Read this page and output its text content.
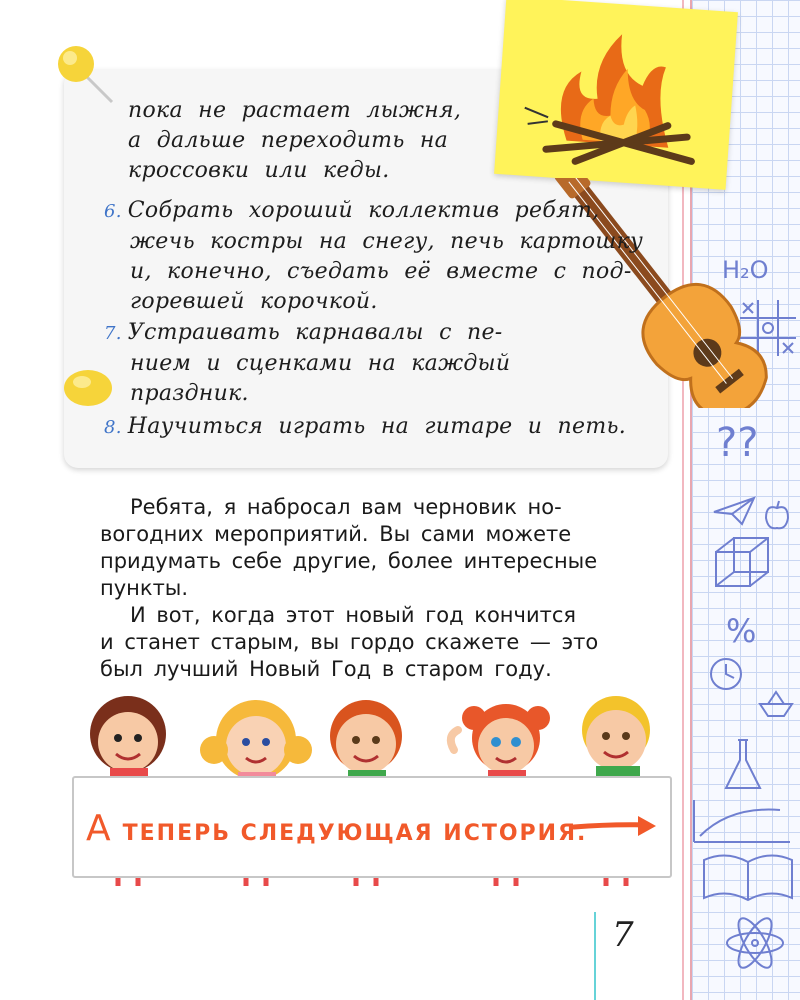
H₂O
??
%
пока не растает лыжня,
а дальше переходить на
кроссовки или кеды.
6. Собрать хороший коллектив ребят,
жечь костры на снегу, печь картошку
и, конечно, съедать её вместе с под-
горевшей корочкой.
7. Устраивать карнавалы с пе-
нием и сценками на каждый
праздник.
8. Научиться играть на гитаре и петь.
Ребята, я набросал вам черновик но-
вогодних мероприятий. Вы сами можете
придумать себе другие, более интересные
пункты.
И вот, когда этот новый год кончится
и станет старым, вы гордо скажете — это
был лучший Новый Год в старом году.
АТЕПЕРЬ СЛЕДУЮЩАЯ ИСТОРИЯ.
7
